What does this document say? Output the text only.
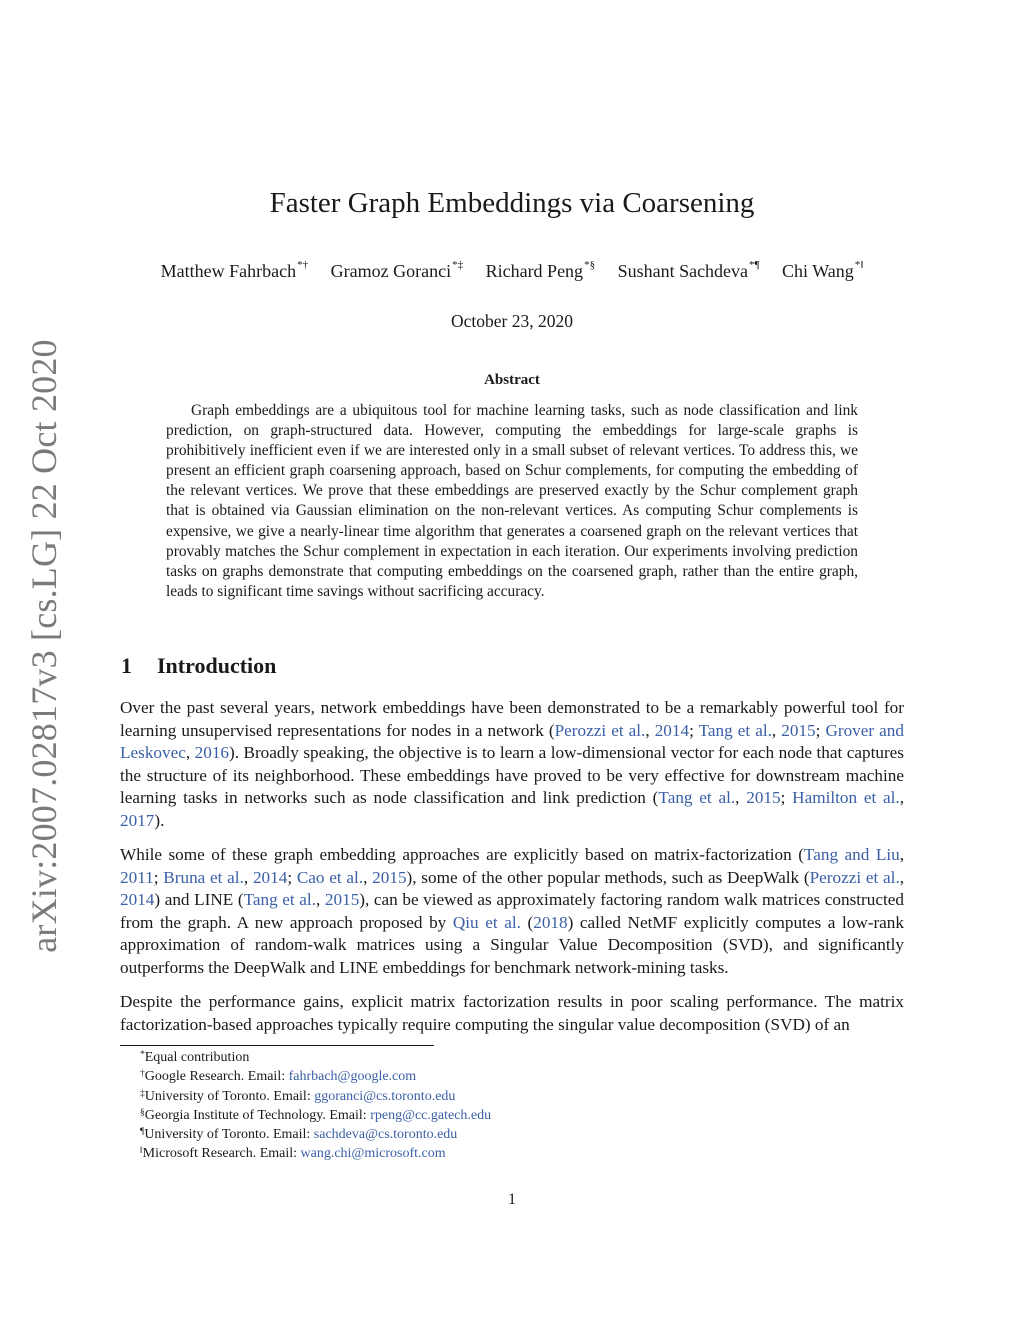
arXiv:2007.02817v3 [cs.LG] 22 Oct 2020
Faster Graph Embeddings via Coarsening
Matthew Fahrbach*† Gramoz Goranci*‡ Richard Peng*§ Sushant Sachdeva*¶ Chi Wang*‖
October 23, 2020
Abstract

Graph embeddings are a ubiquitous tool for machine learning tasks, such as node classification and link prediction, on graph-structured data. However, computing the embeddings for large-scale graphs is prohibitively inefficient even if we are interested only in a small subset of relevant vertices. To address this, we present an efficient graph coarsening approach, based on Schur complements, for computing the embedding of the relevant vertices. We prove that these embeddings are preserved exactly by the Schur complement graph that is obtained via Gaussian elimination on the non-relevant vertices. As computing Schur complements is expensive, we give a nearly-linear time algorithm that generates a coarsened graph on the relevant vertices that provably matches the Schur complement in expectation in each iteration. Our experiments involving prediction tasks on graphs demonstrate that computing embeddings on the coarsened graph, rather than the entire graph, leads to significant time savings without sacrificing accuracy.

1 Introduction

Over the past several years, network embeddings have been demonstrated to be a remarkably powerful tool for learning unsupervised representations for nodes in a network (Perozzi et al., 2014; Tang et al., 2015; Grover and Leskovec, 2016). Broadly speaking, the objective is to learn a low-dimensional vector for each node that captures the structure of its neighborhood. These embeddings have proved to be very effective for downstream machine learning tasks in networks such as node classification and link prediction (Tang et al., 2015; Hamilton et al., 2017).

While some of these graph embedding approaches are explicitly based on matrix-factorization (Tang and Liu, 2011; Bruna et al., 2014; Cao et al., 2015), some of the other popular methods, such as DeepWalk (Perozzi et al., 2014) and LINE (Tang et al., 2015), can be viewed as approximately factoring random walk matrices constructed from the graph. A new approach proposed by Qiu et al. (2018) called NetMF explicitly computes a low-rank approximation of random-walk matrices using a Singular Value Decomposition (SVD), and significantly outperforms the DeepWalk and LINE embeddings for benchmark network-mining tasks.

Despite the performance gains, explicit matrix factorization results in poor scaling performance. The matrix factorization-based approaches typically require computing the singular value decomposition (SVD) of an

*Equal contribution
†Google Research. Email: fahrbach@google.com
‡University of Toronto. Email: ggoranci@cs.toronto.edu
§Georgia Institute of Technology. Email: rpeng@cc.gatech.edu
¶University of Toronto. Email: sachdeva@cs.toronto.edu
‖Microsoft Research. Email: wang.chi@microsoft.com
1
